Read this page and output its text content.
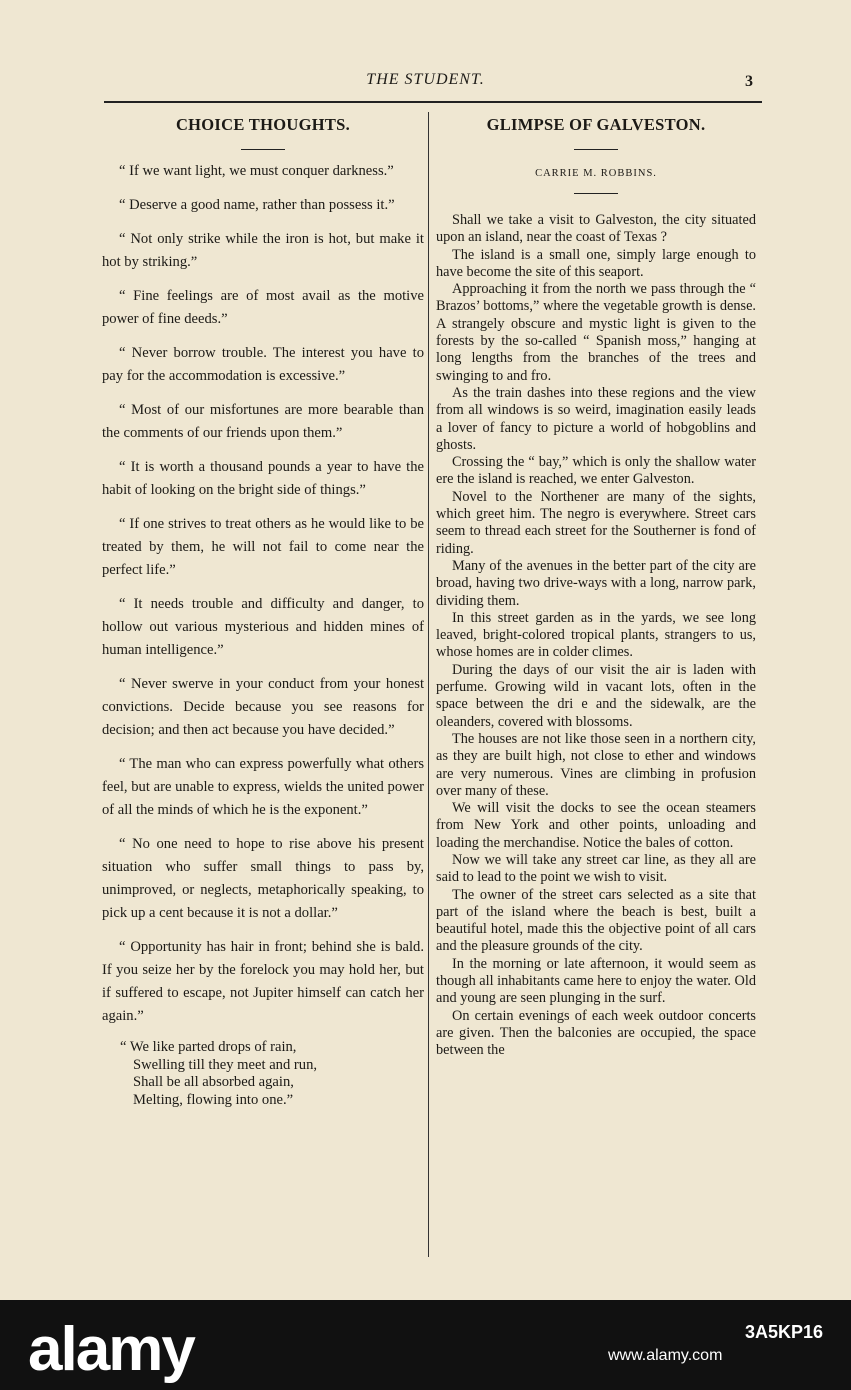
THE STUDENT.	3
CHOICE THOUGHTS.

“ If we want light, we must conquer darkness.”

“ Deserve a good name, rather than possess it.”

“ Not only strike while the iron is hot, but make it hot by striking.”

“ Fine feelings are of most avail as the motive power of fine deeds.”

“ Never borrow trouble. The interest you have to pay for the accommodation is excessive.”

“ Most of our misfortunes are more bearable than the comments of our friends upon them.”

“ It is worth a thousand pounds a year to have the habit of looking on the bright side of things.”

“ If one strives to treat others as he would like to be treated by them, he will not fail to come near the perfect life.”

“ It needs trouble and difficulty and danger, to hollow out various mysterious and hidden mines of human intelligence.”

“ Never swerve in your conduct from your honest convictions. Decide because you see reasons for decision; and then act because you have decided.”

“ The man who can express powerfully what others feel, but are unable to express, wields the united power of all the minds of which he is the exponent.”

“ No one need to hope to rise above his present situation who suffer small things to pass by, unimproved, or neglects, metaphorically speaking, to pick up a cent because it is not a dollar.”

“ Opportunity has hair in front; behind she is bald. If you seize her by the forelock you may hold her, but if suffered to escape, not Jupiter himself can catch her again.”

“ We like parted drops of rain,
Swelling till they meet and run,
Shall be all absorbed again,
Melting, flowing into one.”
GLIMPSE OF GALVESTON.
CARRIE M. ROBBINS.

Shall we take a visit to Galveston, the city situated upon an island, near the coast of Texas ?

The island is a small one, simply large enough to have become the site of this seaport.

Approaching it from the north we pass through the “ Brazos’ bottoms,” where the vegetable growth is dense. A strangely obscure and mystic light is given to the forests by the so-called “ Spanish moss,” hanging at long lengths from the branches of the trees and swinging to and fro.

As the train dashes into these regions and the view from all windows is so weird, imagination easily leads a lover of fancy to picture a world of hobgoblins and ghosts.

Crossing the “ bay,” which is only the shallow water ere the island is reached, we enter Galveston.

Novel to the Northener are many of the sights, which greet him. The negro is everywhere. Street cars seem to thread each street for the Southerner is fond of riding.

Many of the avenues in the better part of the city are broad, having two drive-ways with a long, narrow park, dividing them.

In this street garden as in the yards, we see long leaved, bright-colored tropical plants, strangers to us, whose homes are in colder climes.

During the days of our visit the air is laden with perfume. Growing wild in vacant lots, often in the space between the dri e and the sidewalk, are the oleanders, covered with blossoms.

The houses are not like those seen in a northern city, as they are built high, not close to ether and windows are very numerous. Vines are climbing in profusion over many of these.

We will visit the docks to see the ocean steamers from New York and other points, unloading and loading the merchandise. Notice the bales of cotton.

Now we will take any street car line, as they all are said to lead to the point we wish to visit.

The owner of the street cars selected as a site that part of the island where the beach is best, built a beautiful hotel, made this the objective point of all cars and the pleasure grounds of the city.

In the morning or late afternoon, it would seem as though all inhabitants came here to enjoy the water. Old and young are seen plunging in the surf.

On certain evenings of each week outdoor concerts are given. Then the balconies are occupied, the space between the

alamy	3A5KP16
www.alamy.com
